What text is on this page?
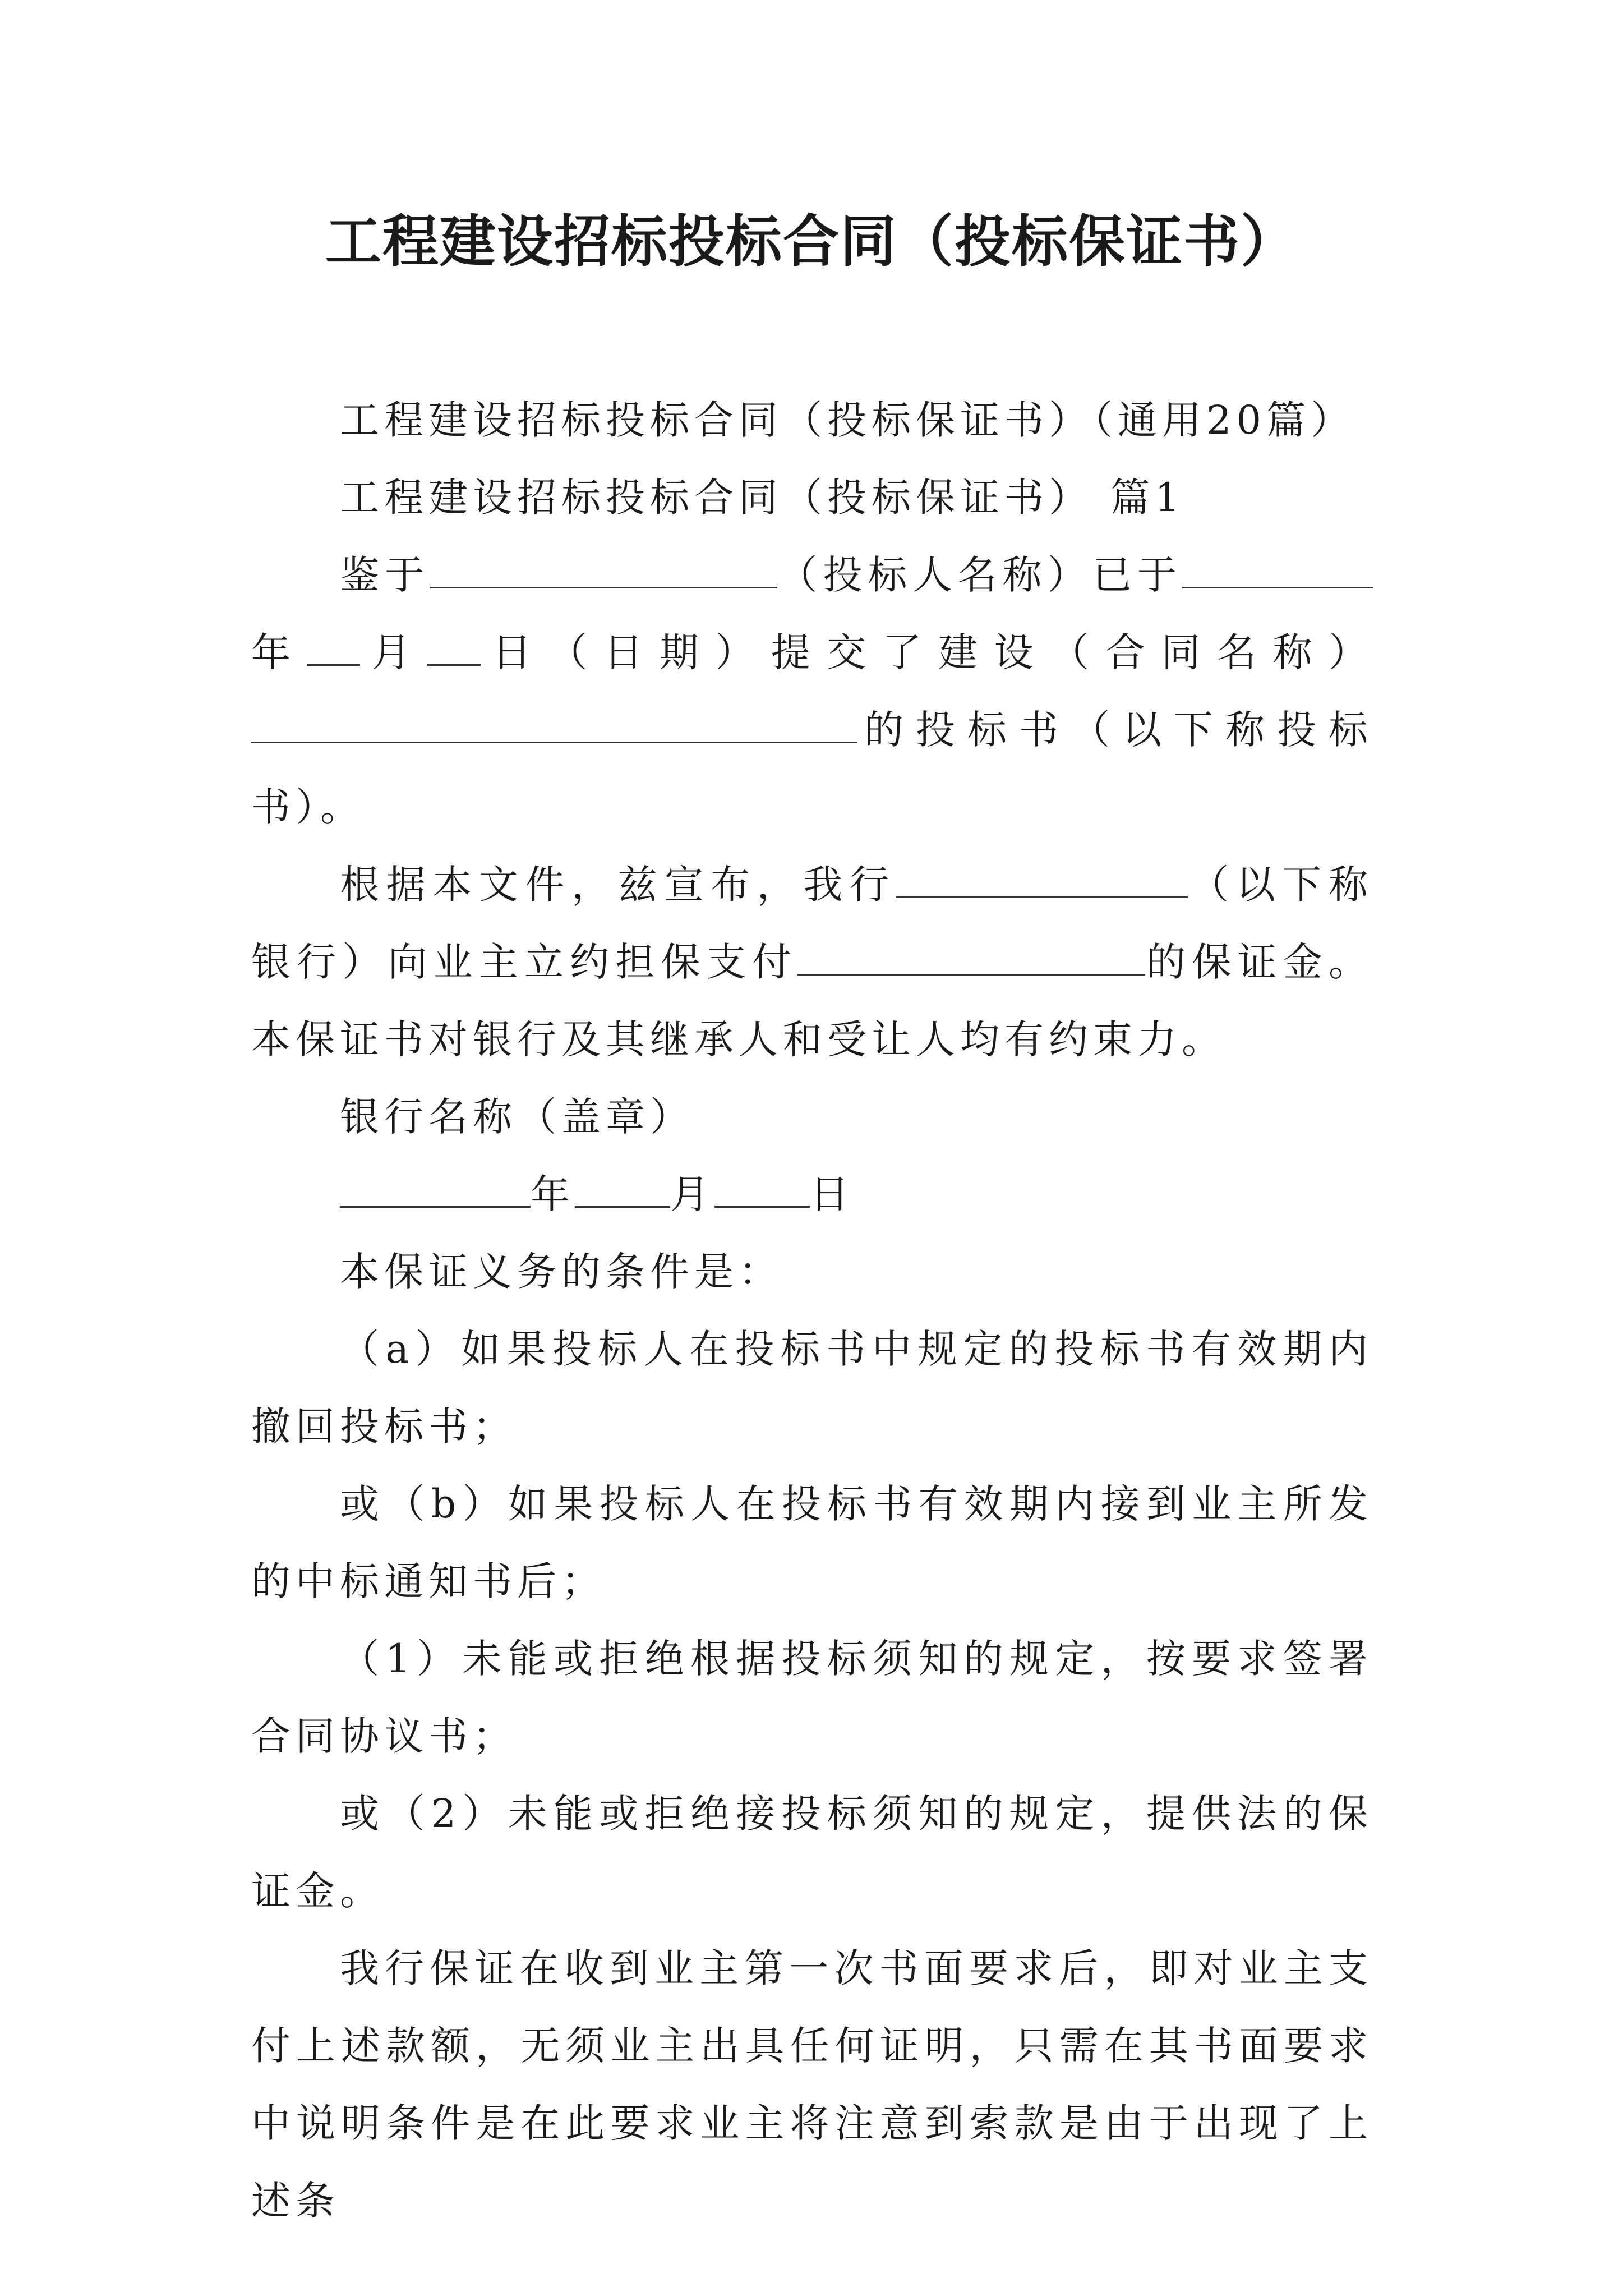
工程建设招标投标合同（投标保证书）

工程建设招标投标合同（投标保证书）（通用20篇）

工程建设招标投标合同（投标保证书） 篇1

鉴于	（投标人名称）已于年 月 日（日期）提交了建设（合同名称）的投标书（以下称投标书）。

根据本文件，兹宣布，我行	（以下称银行）向业主立约担保支付	的保证金。本保证书对银行及其继承人和受让人均有约束力。

银行名称（盖章）

年 月 日

本保证义务的条件是：

（a）如果投标人在投标书中规定的投标书有效期内撤回投标书；

或（b）如果投标人在投标书有效期内接到业主所发的中标通知书后；

（1）未能或拒绝根据投标须知的规定，按要求签署合同协议书；

或（2）未能或拒绝接投标须知的规定，提供法的保证金。

我行保证在收到业主第一次书面要求后，即对业主支付上述款额，无须业主出具任何证明，只需在其书面要求中说明条件是在此要求业主将注意到索款是由于出现了上述条
